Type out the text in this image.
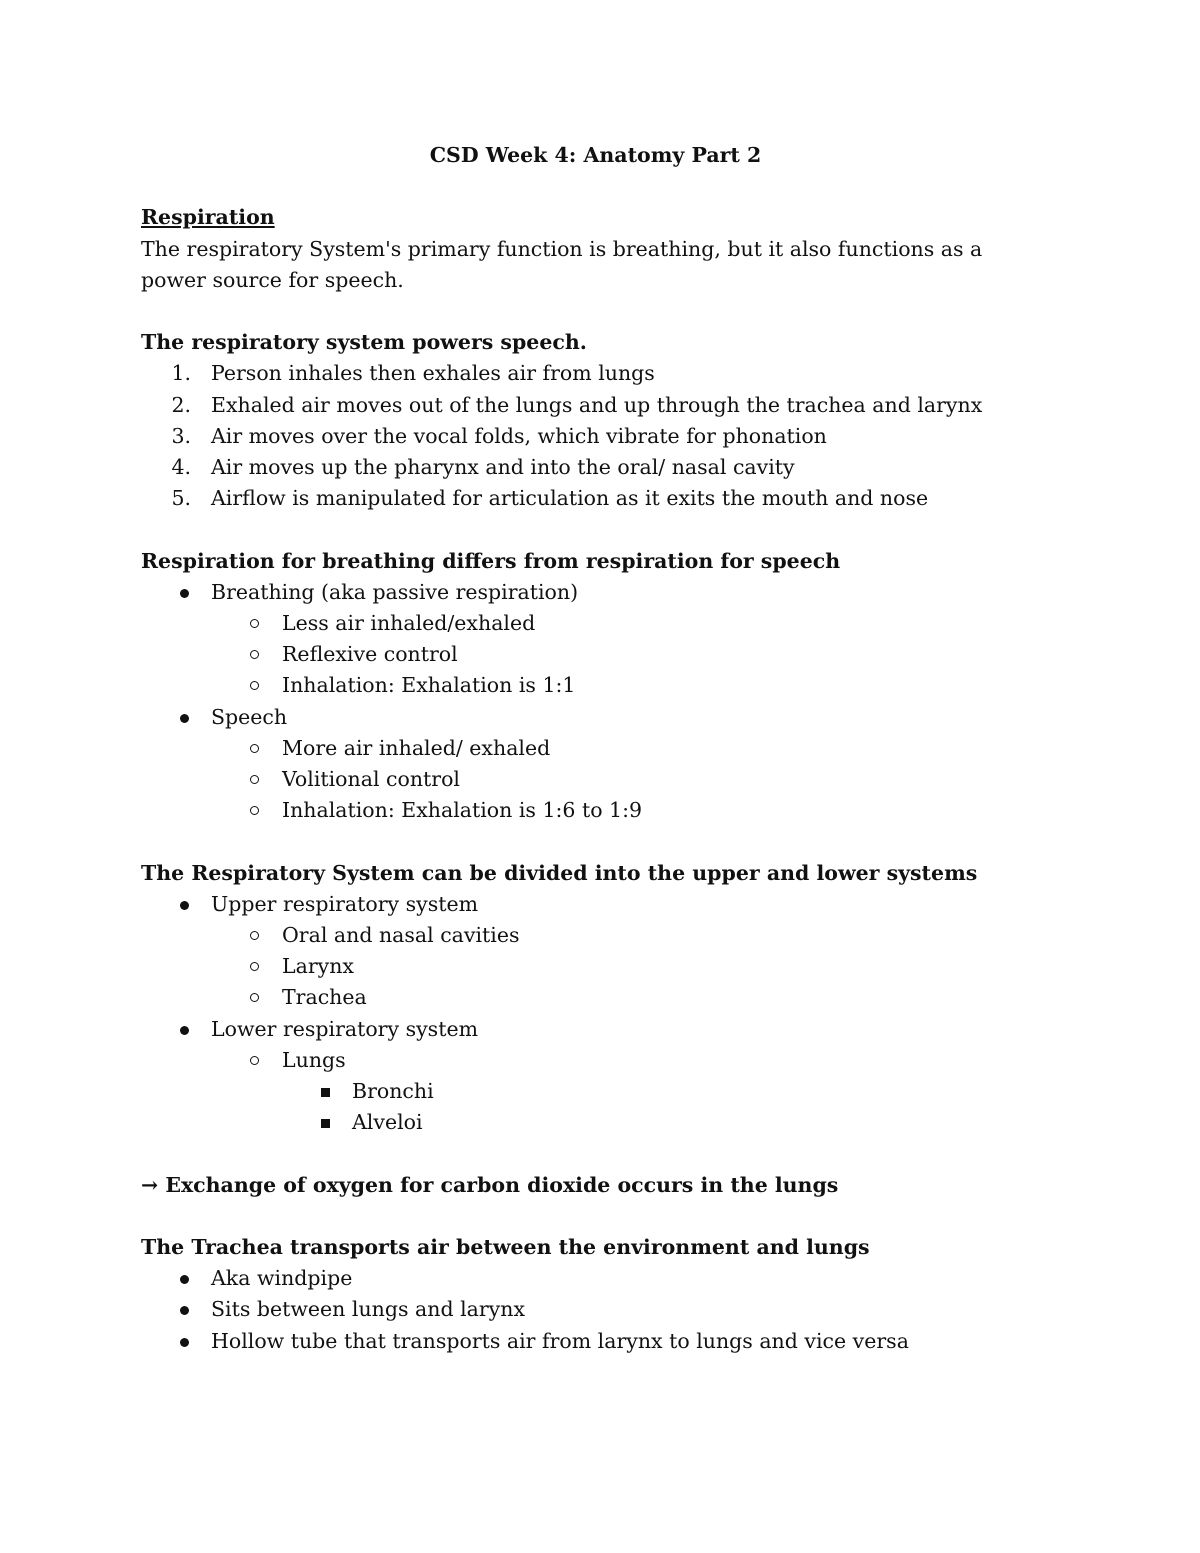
CSD Week 4: Anatomy Part 2

Respiration

The respiratory System's primary function is breathing, but it also functions as a power source for speech.

The respiratory system powers speech.

1. Person inhales then exhales air from lungs
2. Exhaled air moves out of the lungs and up through the trachea and larynx
3. Air moves over the vocal folds, which vibrate for phonation
4. Air moves up the pharynx and into the oral/ nasal cavity
5. Airflow is manipulated for articulation as it exits the mouth and nose

Respiration for breathing differs from respiration for speech

Breathing (aka passive respiration)
Less air inhaled/exhaled
Reflexive control
Inhalation: Exhalation is 1:1
Speech
More air inhaled/ exhaled
Volitional control
Inhalation: Exhalation is 1:6 to 1:9

The Respiratory System can be divided into the upper and lower systems

Upper respiratory system
Oral and nasal cavities
Larynx
Trachea
Lower respiratory system
Lungs
Bronchi
Alveloi

→ Exchange of oxygen for carbon dioxide occurs in the lungs

The Trachea transports air between the environment and lungs

Aka windpipe
Sits between lungs and larynx
Hollow tube that transports air from larynx to lungs and vice versa
